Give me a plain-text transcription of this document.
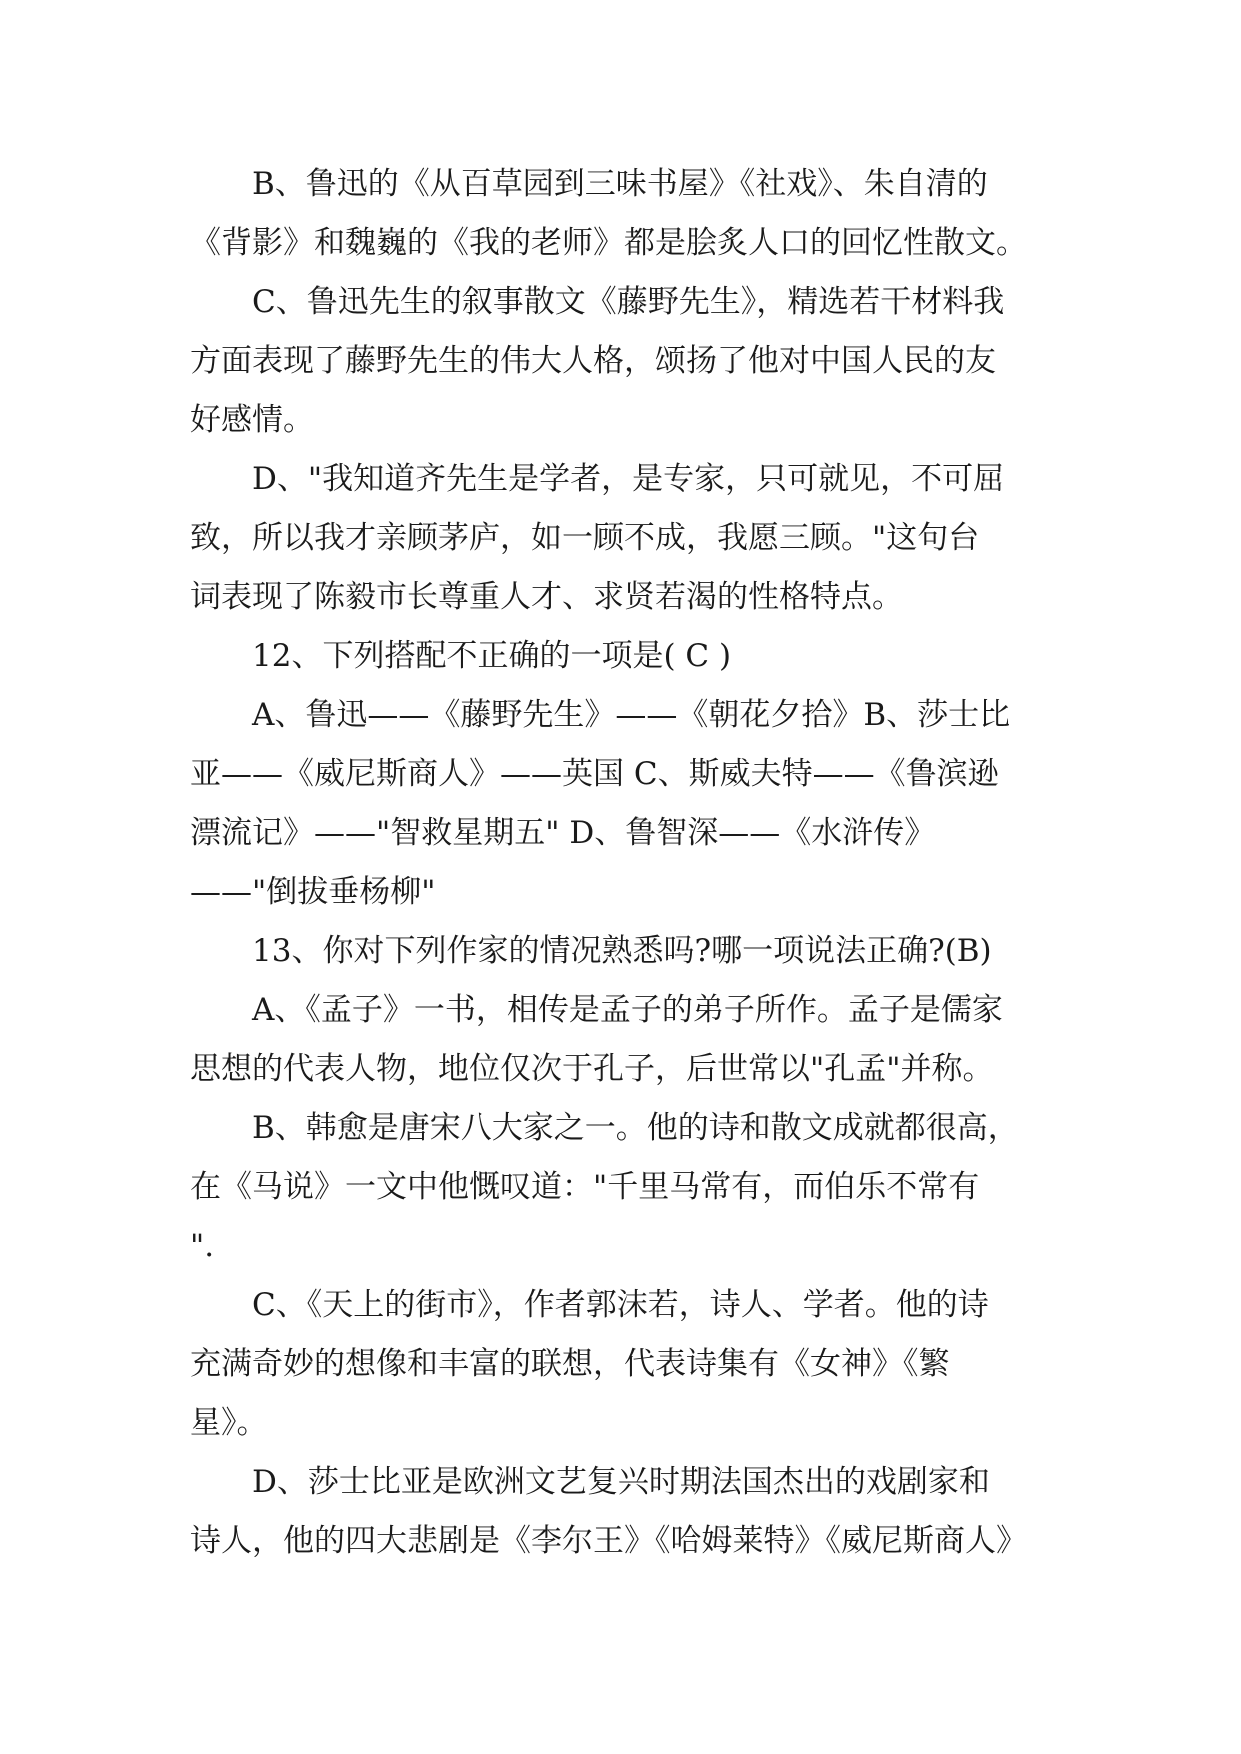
B、鲁迅的《从百草园到三味书屋》《社戏》、朱自清的
《背影》和魏巍的《我的老师》都是脍炙人口的回忆性散文。
C、鲁迅先生的叙事散文《藤野先生》，精选若干材料我
方面表现了藤野先生的伟大人格，颂扬了他对中国人民的友
好感情。
D、"我知道齐先生是学者，是专家，只可就见，不可屈
致，所以我才亲顾茅庐，如一顾不成，我愿三顾。"这句台
词表现了陈毅市长尊重人才、求贤若渴的性格特点。
12、下列搭配不正确的一项是( C )
A、鲁迅——《藤野先生》——《朝花夕拾》B、莎士比
亚——《威尼斯商人》——英国 C、斯威夫特——《鲁滨逊
漂流记》——"智救星期五" D、鲁智深——《水浒传》
——"倒拔垂杨柳"
13、你对下列作家的情况熟悉吗?哪一项说法正确?(B)
A、《孟子》一书，相传是孟子的弟子所作。孟子是儒家
思想的代表人物，地位仅次于孔子，后世常以"孔孟"并称。
B、韩愈是唐宋八大家之一。他的诗和散文成就都很高，
在《马说》一文中他慨叹道："千里马常有，而伯乐不常有
".
C、《天上的街市》，作者郭沫若，诗人、学者。他的诗
充满奇妙的想像和丰富的联想，代表诗集有《女神》《繁
星》。
D、莎士比亚是欧洲文艺复兴时期法国杰出的戏剧家和
诗人，他的四大悲剧是《李尔王》《哈姆莱特》《威尼斯商人》
